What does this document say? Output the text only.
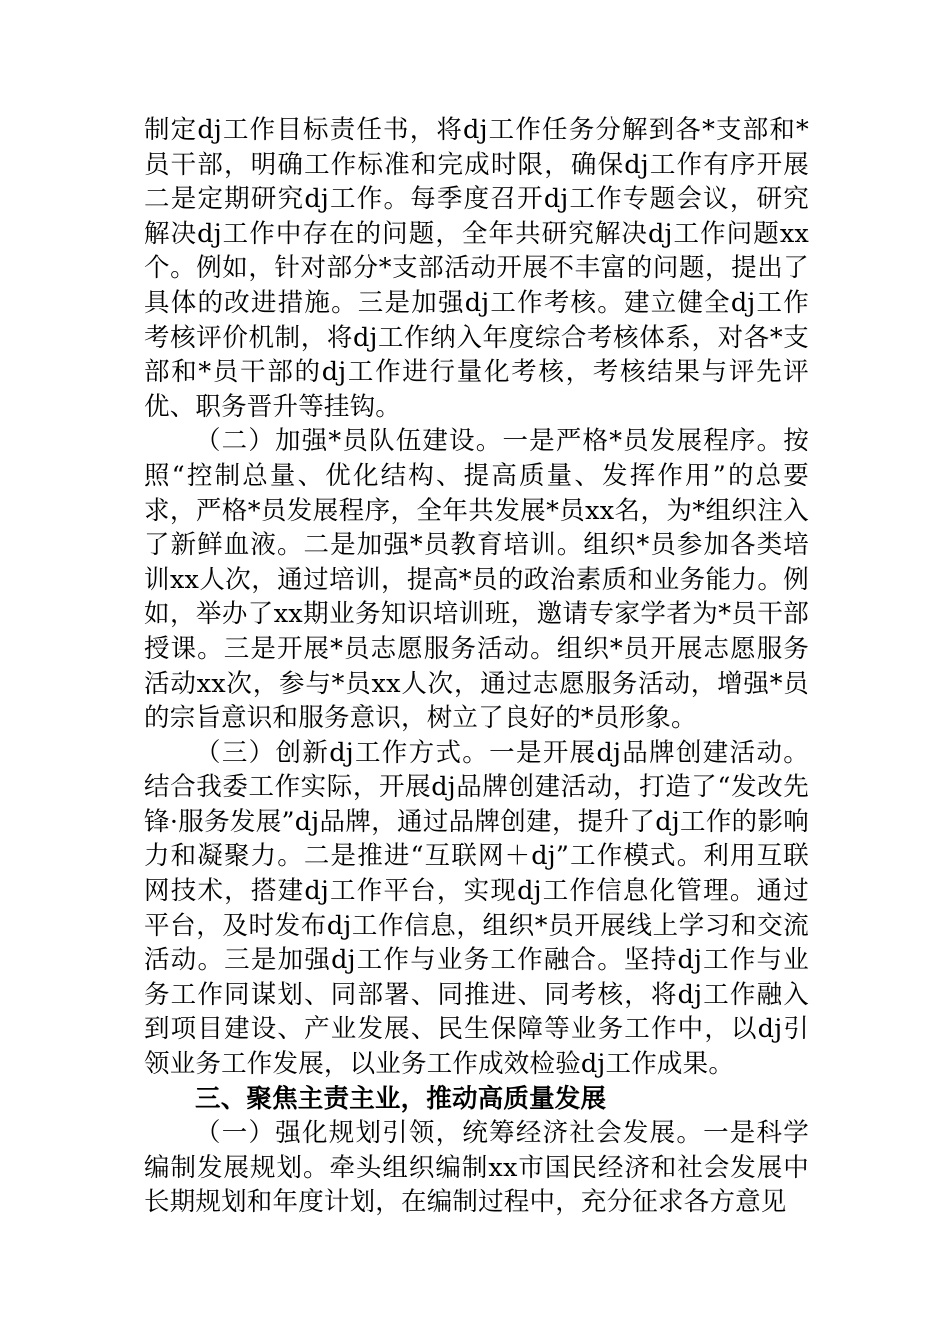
制定dj工作目标责任书，将dj工作任务分解到各*支部和*员干部，明确工作标准和完成时限，确保dj工作有序开展二是定期研究dj工作。每季度召开dj工作专题会议，研究解决dj工作中存在的问题，全年共研究解决dj工作问题xx个。例如，针对部分*支部活动开展不丰富的问题，提出了具体的改进措施。三是加强dj工作考核。建立健全dj工作考核评价机制，将dj工作纳入年度综合考核体系，对各*支部和*员干部的dj工作进行量化考核，考核结果与评先评优、职务晋升等挂钩。

（二）加强*员队伍建设。一是严格*员发展程序。按照“控制总量、优化结构、提高质量、发挥作用”的总要求，严格*员发展程序，全年共发展*员xx名，为*组织注入了新鲜血液。二是加强*员教育培训。组织*员参加各类培训xx人次，通过培训，提高*员的政治素质和业务能力。例如，举办了xx期业务知识培训班，邀请专家学者为*员干部授课。三是开展*员志愿服务活动。组织*员开展志愿服务活动xx次，参与*员xx人次，通过志愿服务活动，增强*员的宗旨意识和服务意识，树立了良好的*员形象。

（三）创新dj工作方式。一是开展dj品牌创建活动。结合我委工作实际，开展dj品牌创建活动，打造了“发改先锋·服务发展”dj品牌，通过品牌创建，提升了dj工作的影响力和凝聚力。二是推进“互联网＋dj”工作模式。利用互联网技术，搭建dj工作平台，实现dj工作信息化管理。通过平台，及时发布dj工作信息，组织*员开展线上学习和交流活动。三是加强dj工作与业务工作融合。坚持dj工作与业务工作同谋划、同部署、同推进、同考核，将dj工作融入到项目建设、产业发展、民生保障等业务工作中，以dj引领业务工作发展，以业务工作成效检验dj工作成果。

三、聚焦主责主业，推动高质量发展

（一）强化规划引领，统筹经济社会发展。一是科学编制发展规划。牵头组织编制xx市国民经济和社会发展中长期规划和年度计划，在编制过程中，充分征求各方意见
